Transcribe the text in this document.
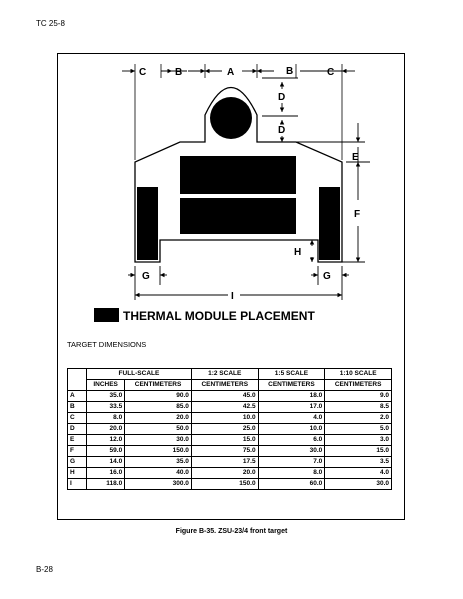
TC 25-8
C	B	A	B	C
D
D
E
F
H
G	G
I
THERMAL MODULE PLACEMENT
TARGET DIMENSIONS
	FULL-SCALE		1:2 SCALE	1:5 SCALE	1:10 SCALE
	INCHES	CENTIMETERS	CENTIMETERS	CENTIMETERS	CENTIMETERS
A	35.0	90.0	45.0	18.0	9.0
B	33.5	85.0	42.5	17.0	8.5
C	8.0	20.0	10.0	4.0	2.0
D	20.0	50.0	25.0	10.0	5.0
E	12.0	30.0	15.0	6.0	3.0
F	59.0	150.0	75.0	30.0	15.0
G	14.0	35.0	17.5	7.0	3.5
H	16.0	40.0	20.0	8.0	4.0
I	118.0	300.0	150.0	60.0	30.0
Figure B-35. ZSU-23/4 front target
B-28
